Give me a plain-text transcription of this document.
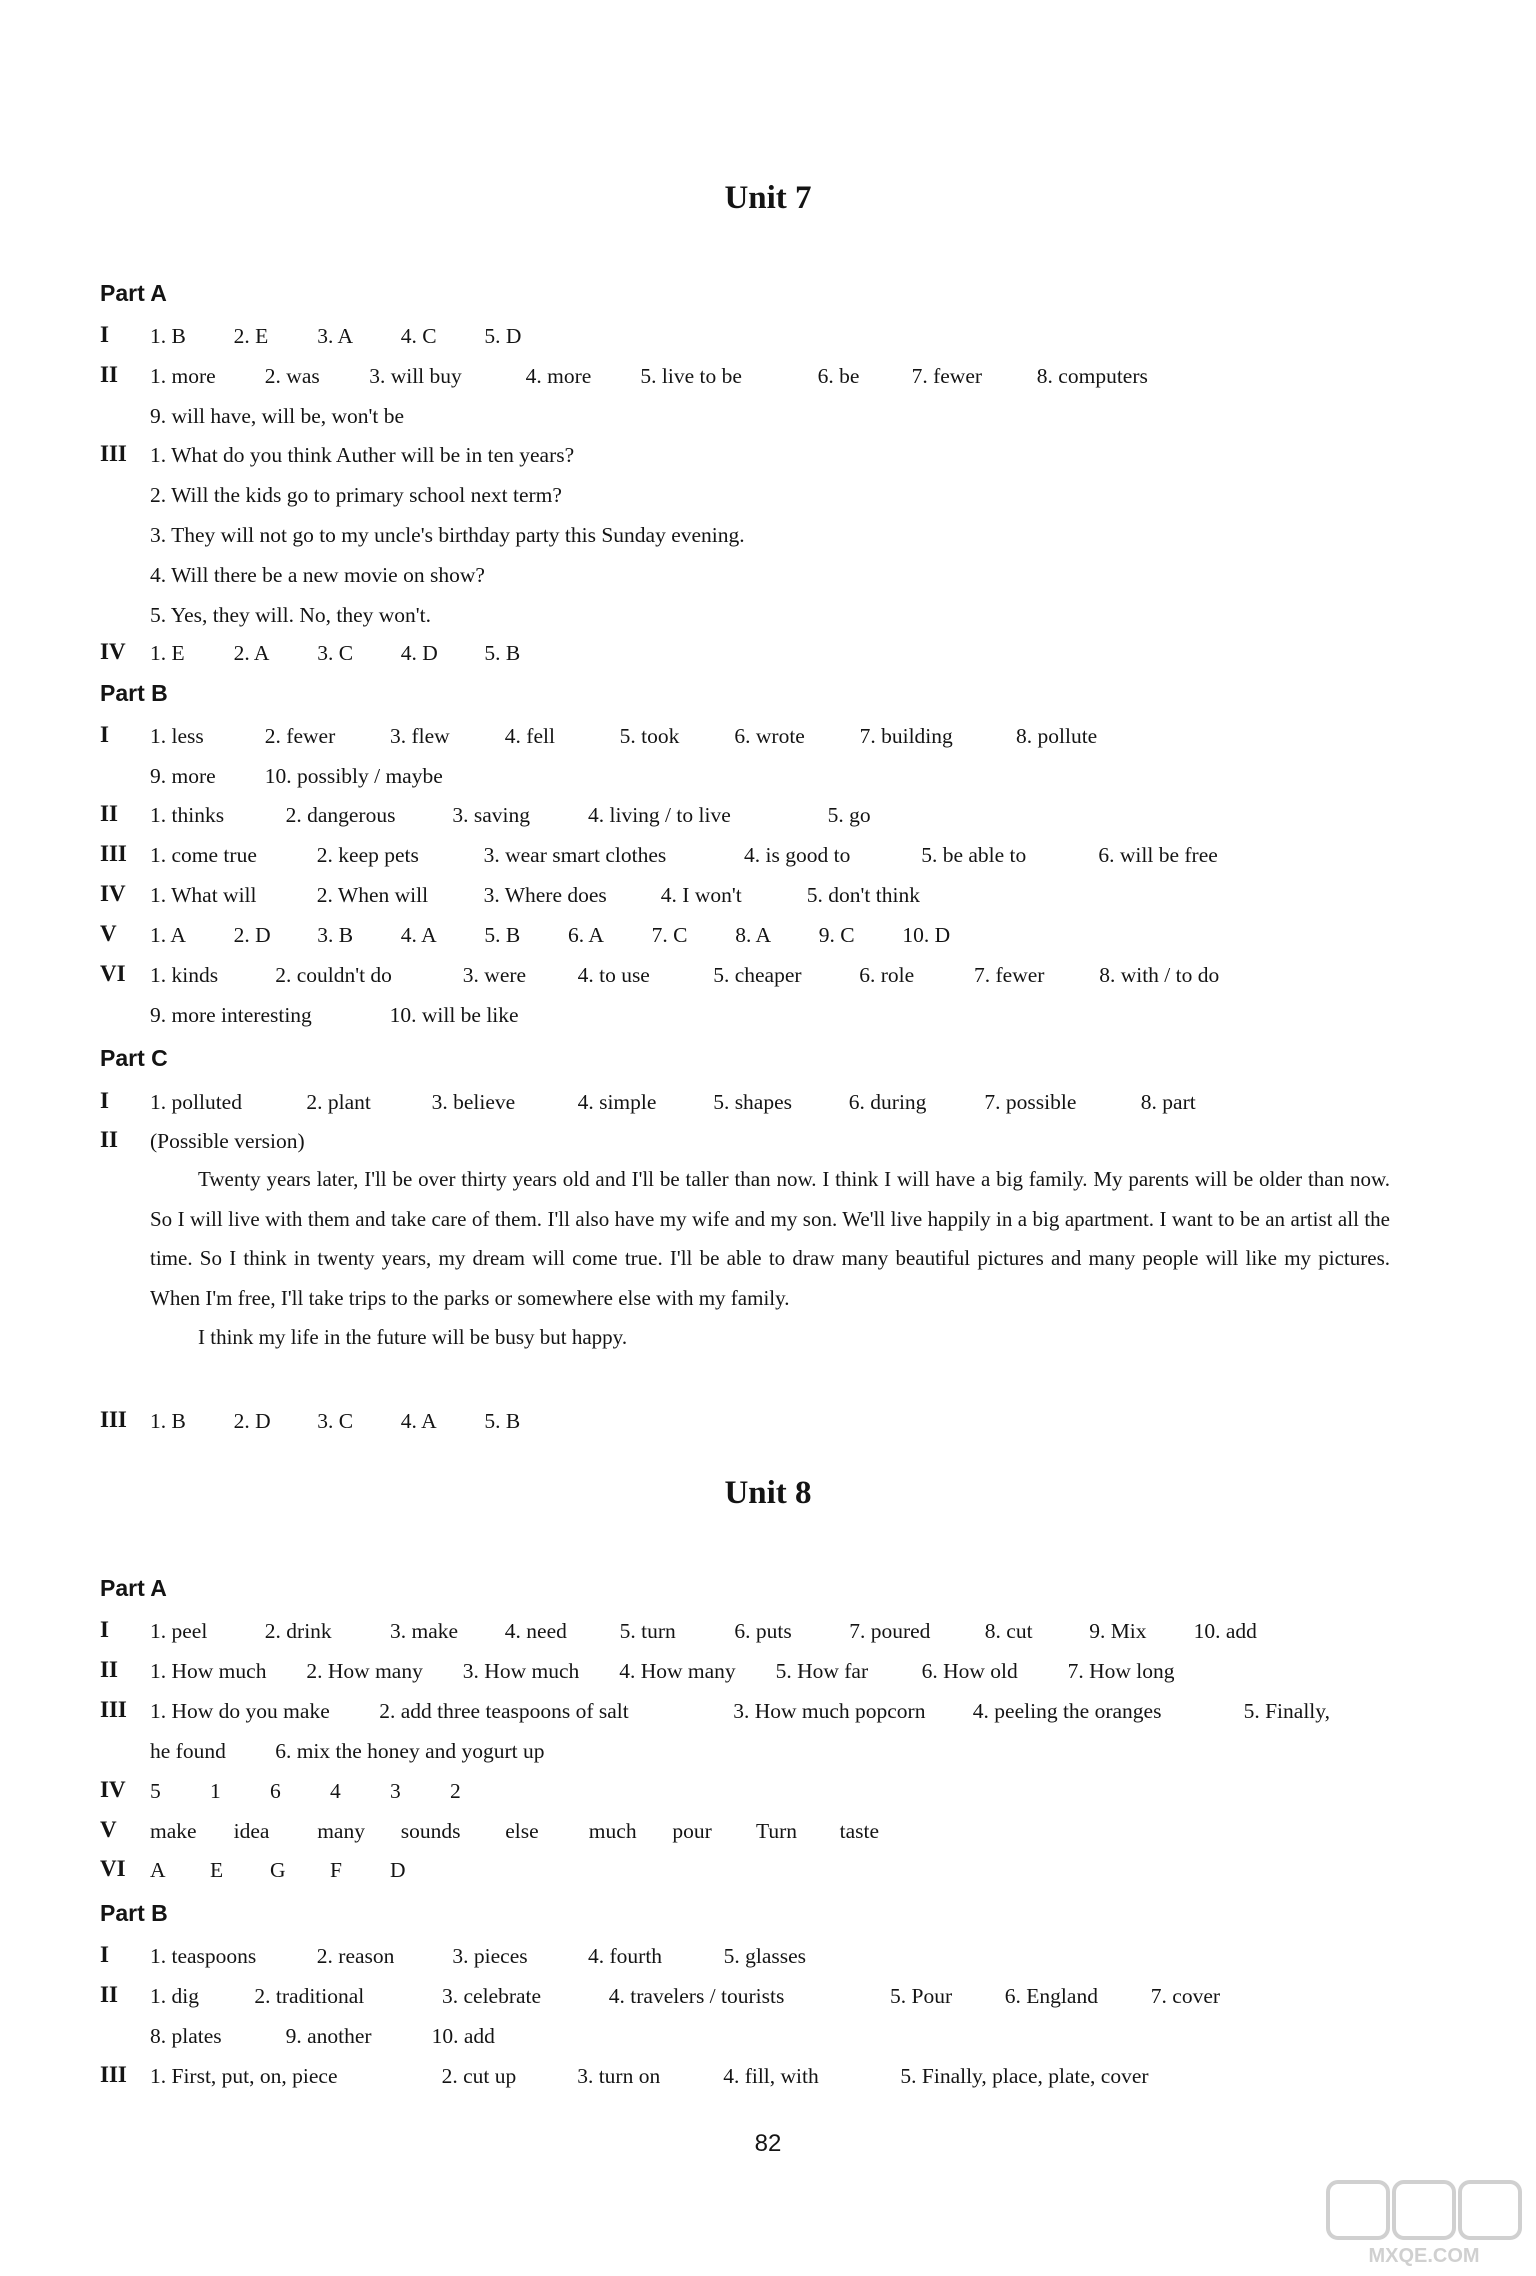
Unit 7
Part A
I 1. B 2. E 3. A 4. C 5. D
II 1. more 2. was 3. will buy	4. more 5. live to be	6. be 7. fewer	8. computers
9. will have, will be, won't be
III 1. What do you think Auther will be in ten years?
2. Will the kids go to primary school next term?
3. They will not go to my uncle's birthday party this Sunday evening.
4. Will there be a new movie on show?
5. Yes, they will. No, they won't.
IV 1. E 2. A 3. C 4. D 5. B
Part B
I 1. less	2. fewer	3. flew	4. fell	5. took	6. wrote	7. building	8. pollute
9. more 10. possibly / maybe
II 1. thinks	2. dangerous	3. saving	4. living / to live	5. go
III 1. come true	2. keep pets	3. wear smart clothes	4. is good to	5. be able to	6. will be free
IV 1. What will	2. When will	3. Where does	4. I won't	5. don't think
V 1. A 2. D 3. B 4. A 5. B 6. A 7. C 8. A 9. C 10. D
VI 1. kinds	2. couldn't do	3. were 4. to use	5. cheaper	6. role	7. fewer	8. with / to do
9. more interesting	10. will be like
Part C
I 1. polluted	2. plant	3. believe	4. simple	5. shapes	6. during	7. possible	8. part
II (Possible version)
III 1. B 2. D 3. C 4. A 5. B

Twenty years later, I'll be over thirty years old and I'll be taller than now. I think I will have a big family. My parents will be older than now. So I will live with them and take care of them. I'll also have my wife and my son. We'll live happily in a big apartment. I want to be an artist all the time. So I think in twenty years, my dream will come true. I'll be able to draw many beautiful pictures and many people will like my pictures. When I'm free, I'll take trips to the parks or somewhere else with my family.

I think my life in the future will be busy but happy.

Unit 8
Part A
I 1. peel	2. drink	3. make 4. need 5. turn	6. puts	7. poured	8. cut	9. Mix 10. add
II 1. How much 2. How many 3. How much 4. How many 5. How far 6. How old 7. How long
III 1. How do you make 2. add three teaspoons of salt	3. How much popcorn 4. peeling the oranges	5. Finally,
he found 6. mix the honey and yogurt up
IV 5 1 6 4 3 2
V make idea many sounds else much pour Turn taste
VI A E G F D
Part B
I 1. teaspoons	2. reason	3. pieces	4. fourth	5. glasses
II 1. dig	2. traditional	3. celebrate	4. travelers / tourists	5. Pour 6. England 7. cover
8. plates	9. another	10. add
III 1. First, put, on, piece	2. cut up	3. turn on	4. fill, with	5. Finally, place, plate, cover
MXQE.COM
82
